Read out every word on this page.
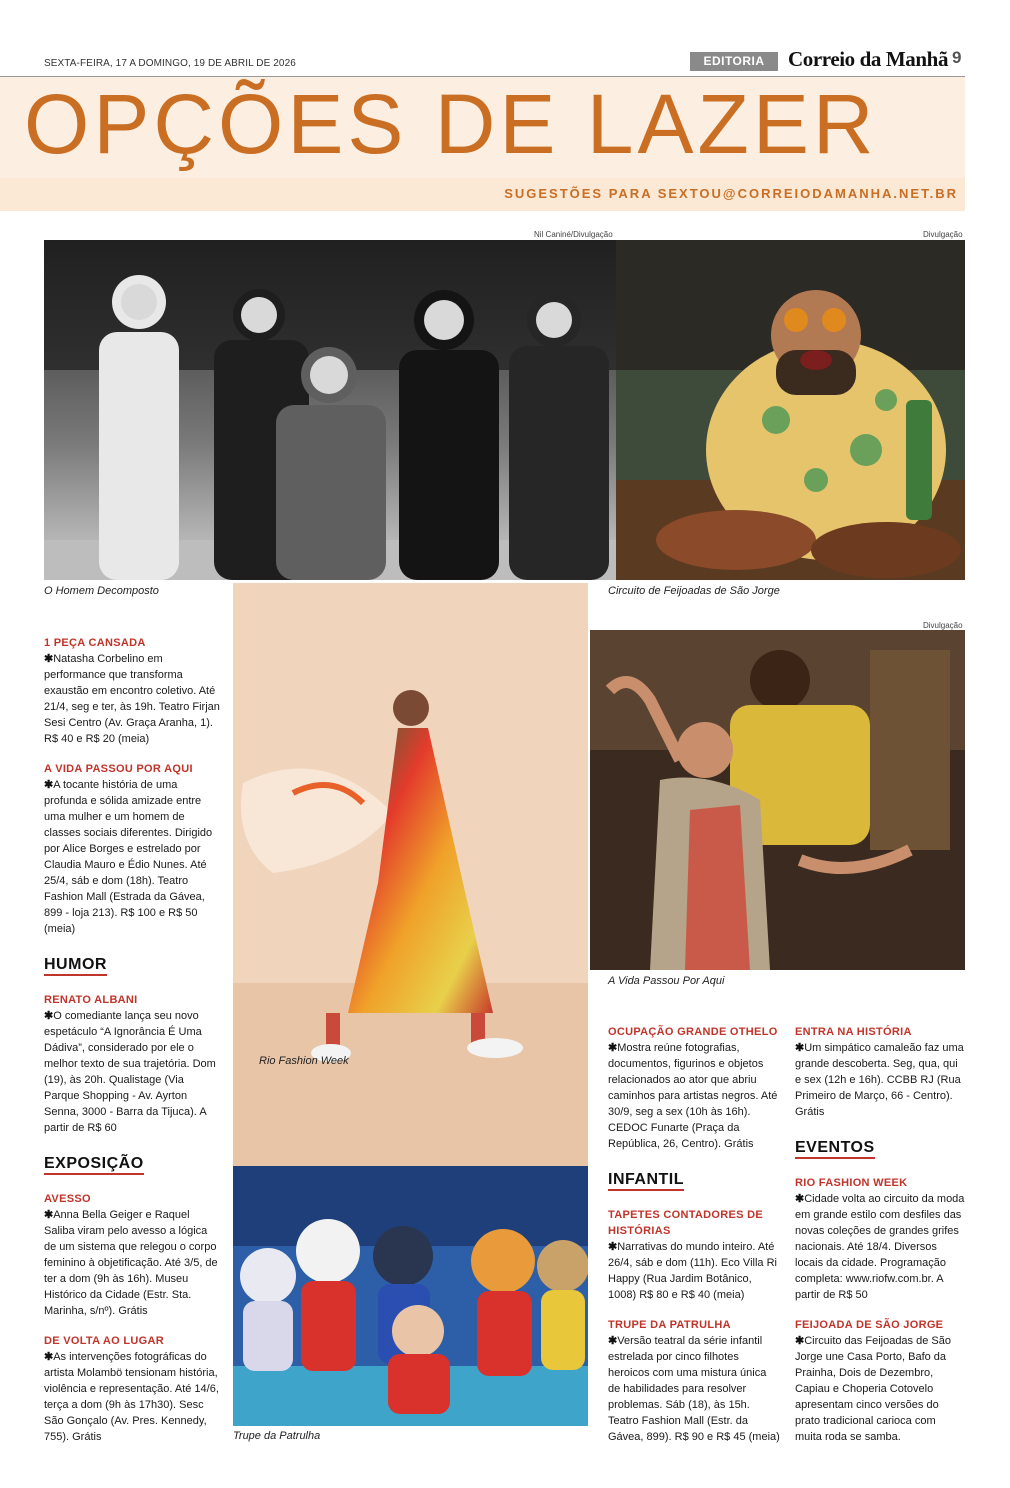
SEXTA-FEIRA, 17 A DOMINGO, 19 DE ABRIL DE 2026	EDITORIA	Correio da Manhã 9
OPÇÕES DE LAZER
SUGESTÕES PARA SEXTOU@CORREIODAMANHA.NET.BR
Nil Caniné/Divulgação
O Homem Decomposto
Divulgação
Circuito de Feijoadas de São Jorge
Rio Fashion Week
Divulgação
A Vida Passou Por Aqui
Trupe da Patrulha
1 PEÇA CANSADA
✱Natasha Corbelino em performance que transforma exaustão em encontro coletivo. Até 21/4, seg e ter, às 19h. Teatro Firjan Sesi Centro (Av. Graça Aranha, 1). R$ 40 e R$ 20 (meia)
A VIDA PASSOU POR AQUI
✱A tocante história de uma profunda e sólida amizade entre uma mulher e um homem de classes sociais diferentes. Dirigido por Alice Borges e estrelado por Claudia Mauro e Édio Nunes. Até 25/4, sáb e dom (18h). Teatro Fashion Mall (Estrada da Gávea, 899 - loja 213). R$ 100 e R$ 50 (meia)
HUMOR
RENATO ALBANI
✱O comediante lança seu novo espetáculo “A Ignorância É Uma Dádiva”, considerado por ele o melhor texto de sua trajetória. Dom (19), às 20h. Qualistage (Via Parque Shopping - Av. Ayrton Senna, 3000 - Barra da Tijuca). A partir de R$ 60
EXPOSIÇÃO
AVESSO
✱Anna Bella Geiger e Raquel Saliba viram pelo avesso a lógica de um sistema que relegou o corpo feminino à objetificação. Até 3/5, de ter a dom (9h às 16h). Museu Histórico da Cidade (Estr. Sta. Marinha, s/nº). Grátis
DE VOLTA AO LUGAR
✱As intervenções fotográficas do artista Molambö tensionam história, violência e representação. Até 14/6, terça a dom (9h às 17h30). Sesc São Gonçalo (Av. Pres. Kennedy, 755). Grátis
OCUPAÇÃO GRANDE OTHELO
✱Mostra reúne fotografias, documentos, figurinos e objetos relacionados ao ator que abriu caminhos para artistas negros. Até 30/9, seg a sex (10h às 16h). CEDOC Funarte (Praça da República, 26, Centro). Grátis
INFANTIL
TAPETES CONTADORES DE HISTÓRIAS
✱Narrativas do mundo inteiro. Até 26/4, sáb e dom (11h). Eco Villa Ri Happy (Rua Jardim Botânico, 1008) R$ 80 e R$ 40 (meia)
TRUPE DA PATRULHA
✱Versão teatral da série infantil estrelada por cinco filhotes heroicos com uma mistura única de habilidades para resolver problemas. Sáb (18), às 15h. Teatro Fashion Mall (Estr. da Gávea, 899). R$ 90 e R$ 45 (meia)
ENTRA NA HISTÓRIA
✱Um simpático camaleão faz uma grande descoberta. Seg, qua, qui e sex (12h e 16h). CCBB RJ (Rua Primeiro de Março, 66 - Centro). Grátis
EVENTOS
RIO FASHION WEEK
✱Cidade volta ao circuito da moda em grande estilo com desfiles das novas coleções de grandes grifes nacionais. Até 18/4. Diversos locais da cidade. Programação completa: www.riofw.com.br. A partir de R$ 50
FEIJOADA DE SÃO JORGE
✱Circuito das Feijoadas de São Jorge une Casa Porto, Bafo da Prainha, Dois de Dezembro, Capiau e Choperia Cotovelo apresentam cinco versões do prato tradicional carioca com muita roda se samba.
